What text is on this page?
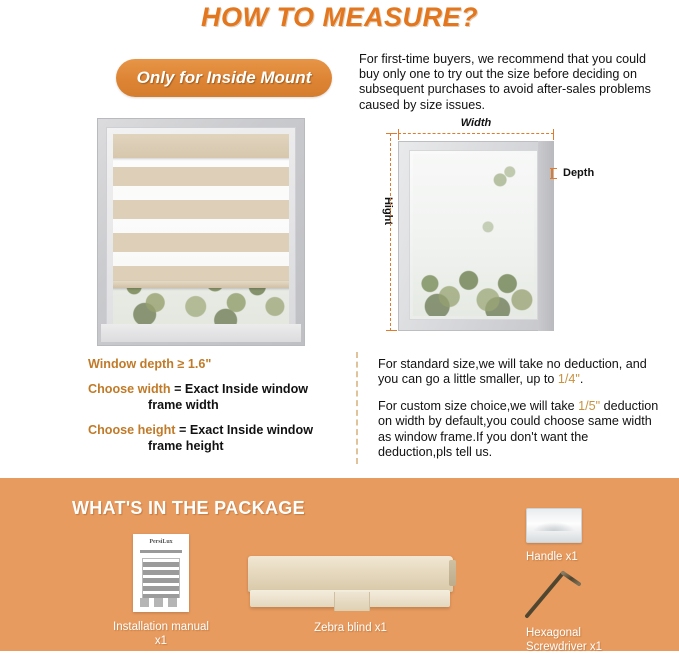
HOW TO MEASURE?
Only for Inside Mount
For first-time buyers, we recommend that you could buy only one to try out the size before deciding on subsequent purchases to avoid after-sales problems caused by size issues.
Width
Hight
Depth
Window depth ≥ 1.6"
Choose width = Exact Inside window
frame width
Choose height = Exact Inside window
frame height

For standard size,we will take no deduction, and you can go a little smaller, up to 1/4".

For custom size choice,we will take 1/5" deduction on width by default,you could choose same width as window frame.If you don't want the deduction,pls tell us.

WHAT'S IN THE PACKAGE
PersiLux
Installation manual x1
Zebra blind x1
Handle x1
Hexagonal
Screwdriver x1
